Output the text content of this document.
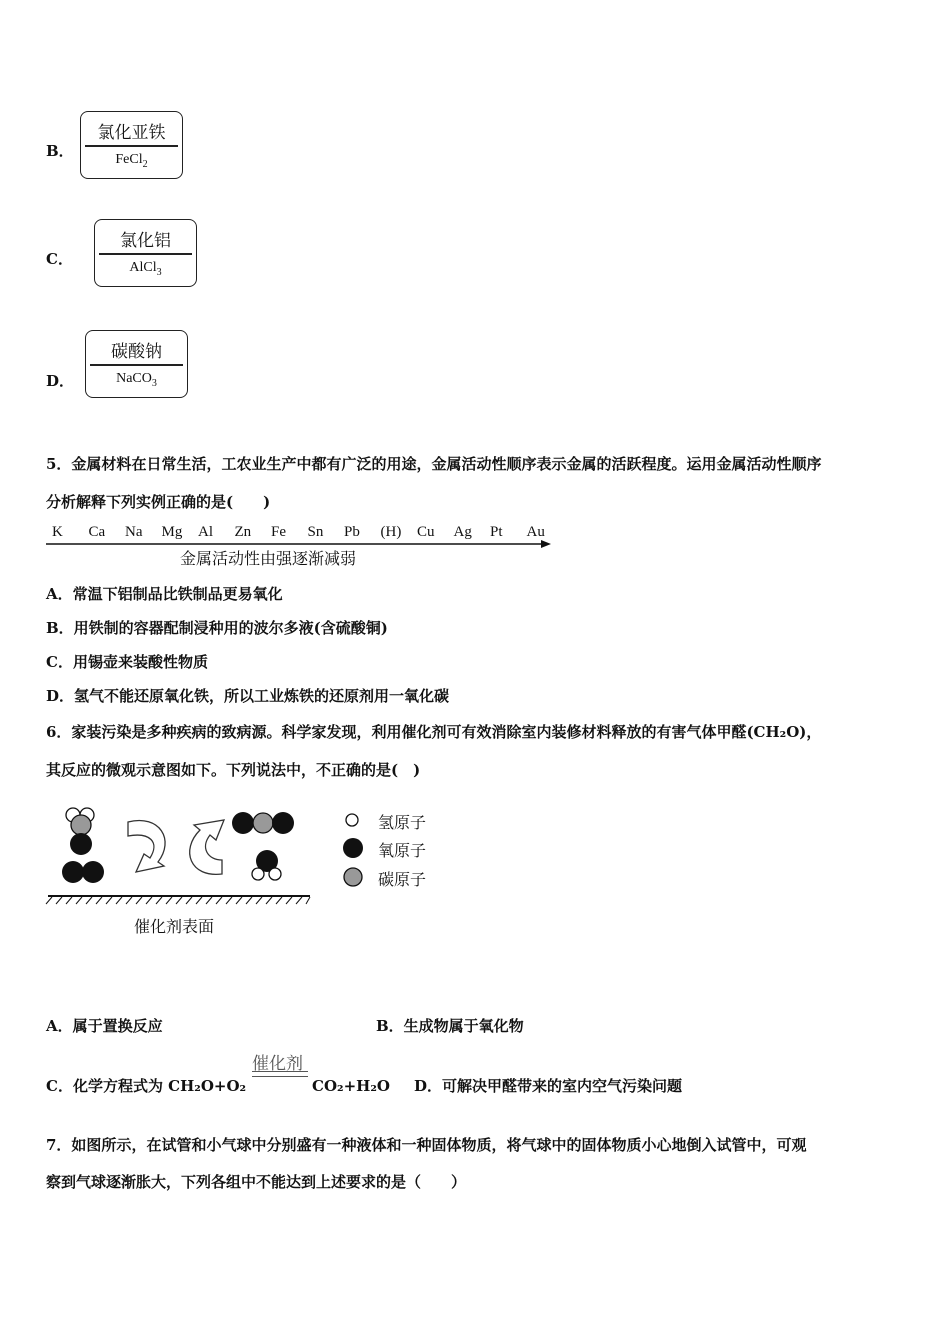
B．
氯化亚铁
FeCl$_2$
C．
氯化铝
AlCl$_3$
D．
碳酸钠
NaCO$_3$
5．金属材料在日常生活，工农业生产中都有广泛的用途，金属活动性顺序表示金属的活跃程度。运用金属活动性顺序
分析解释下列实例正确的是(　　)
K Ca Na Mg Al Zn Fe Sn Pb (H) Cu Ag Pt Au
金属活动性由强逐渐减弱
A．常温下铝制品比铁制品更易氧化
B．用铁制的容器配制浸种用的波尔多液(含硫酸铜)
C．用锡壶来装酸性物质
D．氢气不能还原氧化铁，所以工业炼铁的还原剂用一氧化碳
6．家装污染是多种疾病的致病源。科学家发现，利用催化剂可有效消除室内装修材料释放的有害气体甲醛(CH₂O)，
其反应的微观示意图如下。下列说法中，不正确的是(　)
氢原子
氧原子
碳原子
催化剂表面
A．属于置换反应	B．生成物属于氧化物
C．化学方程式为 CH₂O+O₂
催化剂
CO₂+H₂O D．可解决甲醛带来的室内空气污染问题
7．如图所示，在试管和小气球中分别盛有一种液体和一种固体物质，将气球中的固体物质小心地倒入试管中，可观
察到气球逐渐胀大，下列各组中不能达到上述要求的是（　　）
